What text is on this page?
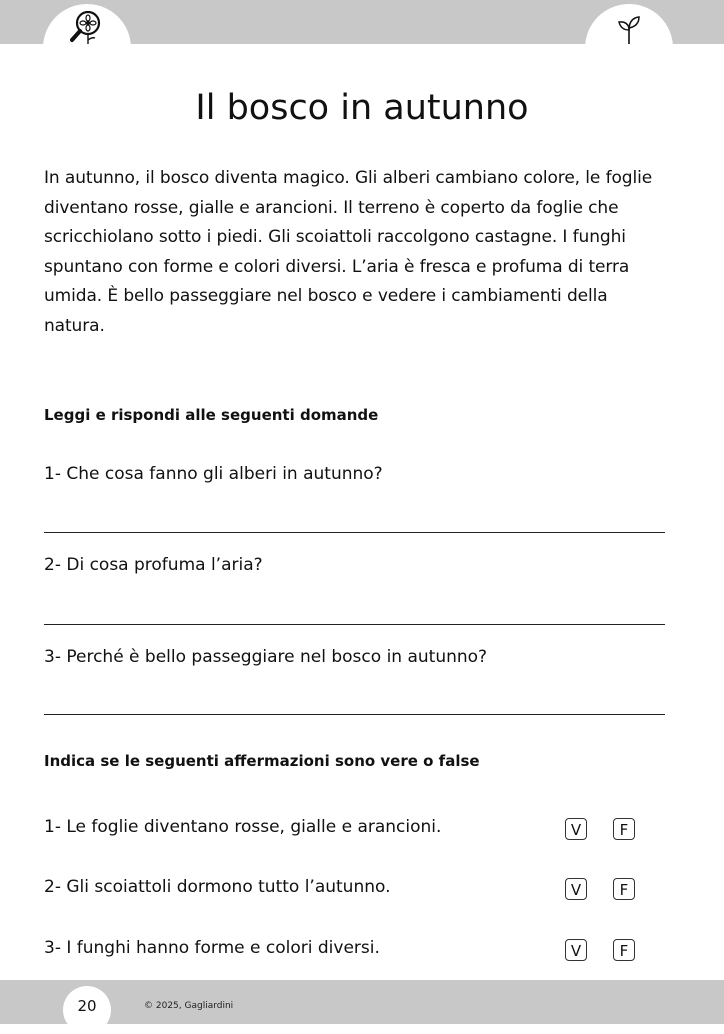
Il bosco in autunno
In autunno, il bosco diventa magico. Gli alberi cambiano colore, le foglie
diventano rosse, gialle e arancioni. Il terreno è coperto da foglie che
scricchiolano sotto i piedi. Gli scoiattoli raccolgono castagne. I funghi
spuntano con forme e colori diversi. L’aria è fresca e profuma di terra
umida. È bello passeggiare nel bosco e vedere i cambiamenti della
natura.
Leggi e rispondi alle seguenti domande
1- Che cosa fanno gli alberi in autunno?
2- Di cosa profuma l’aria?
3- Perché è bello passeggiare nel bosco in autunno?
Indica se le seguenti affermazioni sono vere o false
1- Le foglie diventano rosse, gialle e arancioni.	V	F
2- Gli scoiattoli dormono tutto l’autunno.	V	F
3- I funghi hanno forme e colori diversi.	V	F
20	© 2025, Gagliardini
